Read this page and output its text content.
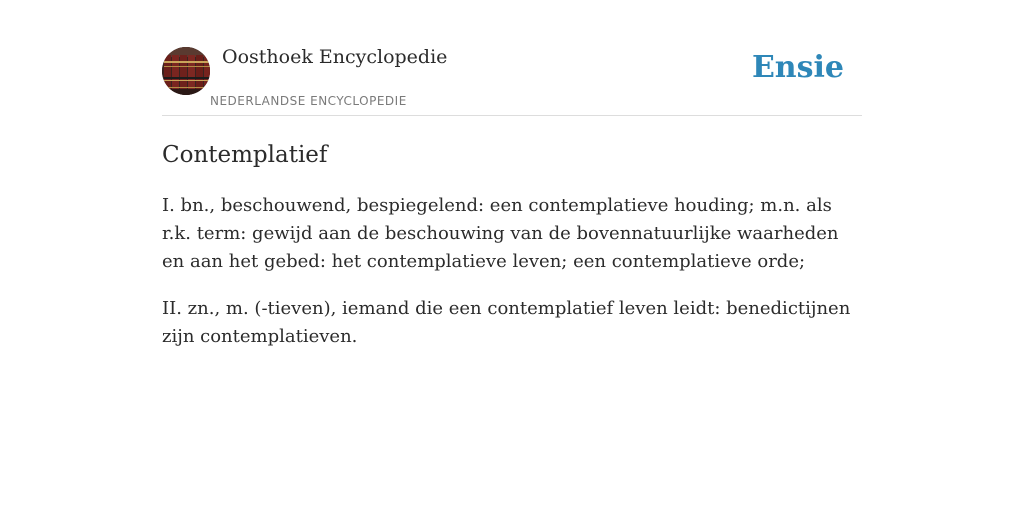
Oosthoek Encyclopedie
NEDERLANDSE ENCYCLOPEDIE
Ensie
Contemplatief

I. bn., beschouwend, bespiegelend: een contemplatieve houding; m.n. als r.k. term: gewijd aan de beschouwing van de bovennatuurlijke waarheden en aan het gebed: het contemplatieve leven; een contemplatieve orde;

II. zn., m. (-tieven), iemand die een contemplatief leven leidt: benedictijnen zijn contemplatieven.
